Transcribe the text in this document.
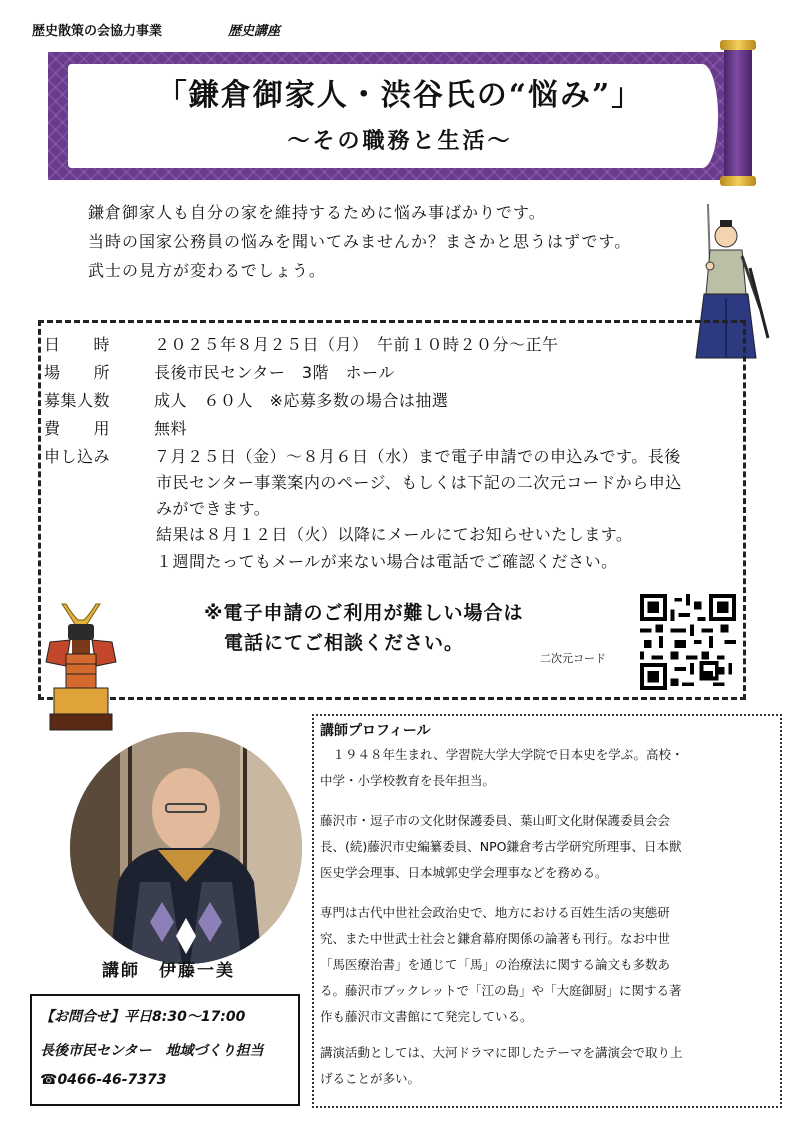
歴史散策の会協力事業	歴史講座
「鎌倉御家人・渋谷氏の“悩み”」
～その職務と生活～
鎌倉御家人も自分の家を維持するために悩み事ばかりです。
当時の国家公務員の悩みを聞いてみませんか？まさかと思うはずです。
武士の見方が変わるでしょう。
日　　時	２０２５年８月２５日（月）　午前１０時２０分～正午
場　　所	長後市民センター　3階　ホール
募集人数	成人　６０人　※応募多数の場合は抽選
費　　用	無料
申し込み	７月２５日（金）～８月６日（水）まで電子申請での申込みです。長後
市民センター事業案内のページ、もしくは下記の二次元コードから申込
みができます。
結果は８月１２日（火）以降にメールにてお知らせいたします。
１週間たってもメールが来ない場合は電話でご確認ください。
※電子申請のご利用が難しい場合は
電話にてご相談ください。
二次元コード
講師　伊藤一美
【お問合せ】平日8:30～17:00
長後市民センター　地域づくり担当
☎0466-46-7373
講師プロフィール
　１９４８年生まれ、学習院大学大学院で日本史を学ぶ。高校・
中学・小学校教育を長年担当。
藤沢市・逗子市の文化財保護委員、葉山町文化財保護委員会会
長、(続)藤沢市史編纂委員、NPO鎌倉考古学研究所理事、日本獣
医史学会理事、日本城郭史学会理事などを務める。
専門は古代中世社会政治史で、地方における百姓生活の実態研
究、また中世武士社会と鎌倉幕府関係の論著も刊行。なお中世
「馬医療治書」を通じて「馬」の治療法に関する論文も多数あ
る。藤沢市ブックレットで「江の島」や「大庭御厨」に関する著
作も藤沢市文書館にて発完している。
講演活動としては、大河ドラマに即したテーマを講演会で取り上
げることが多い。
